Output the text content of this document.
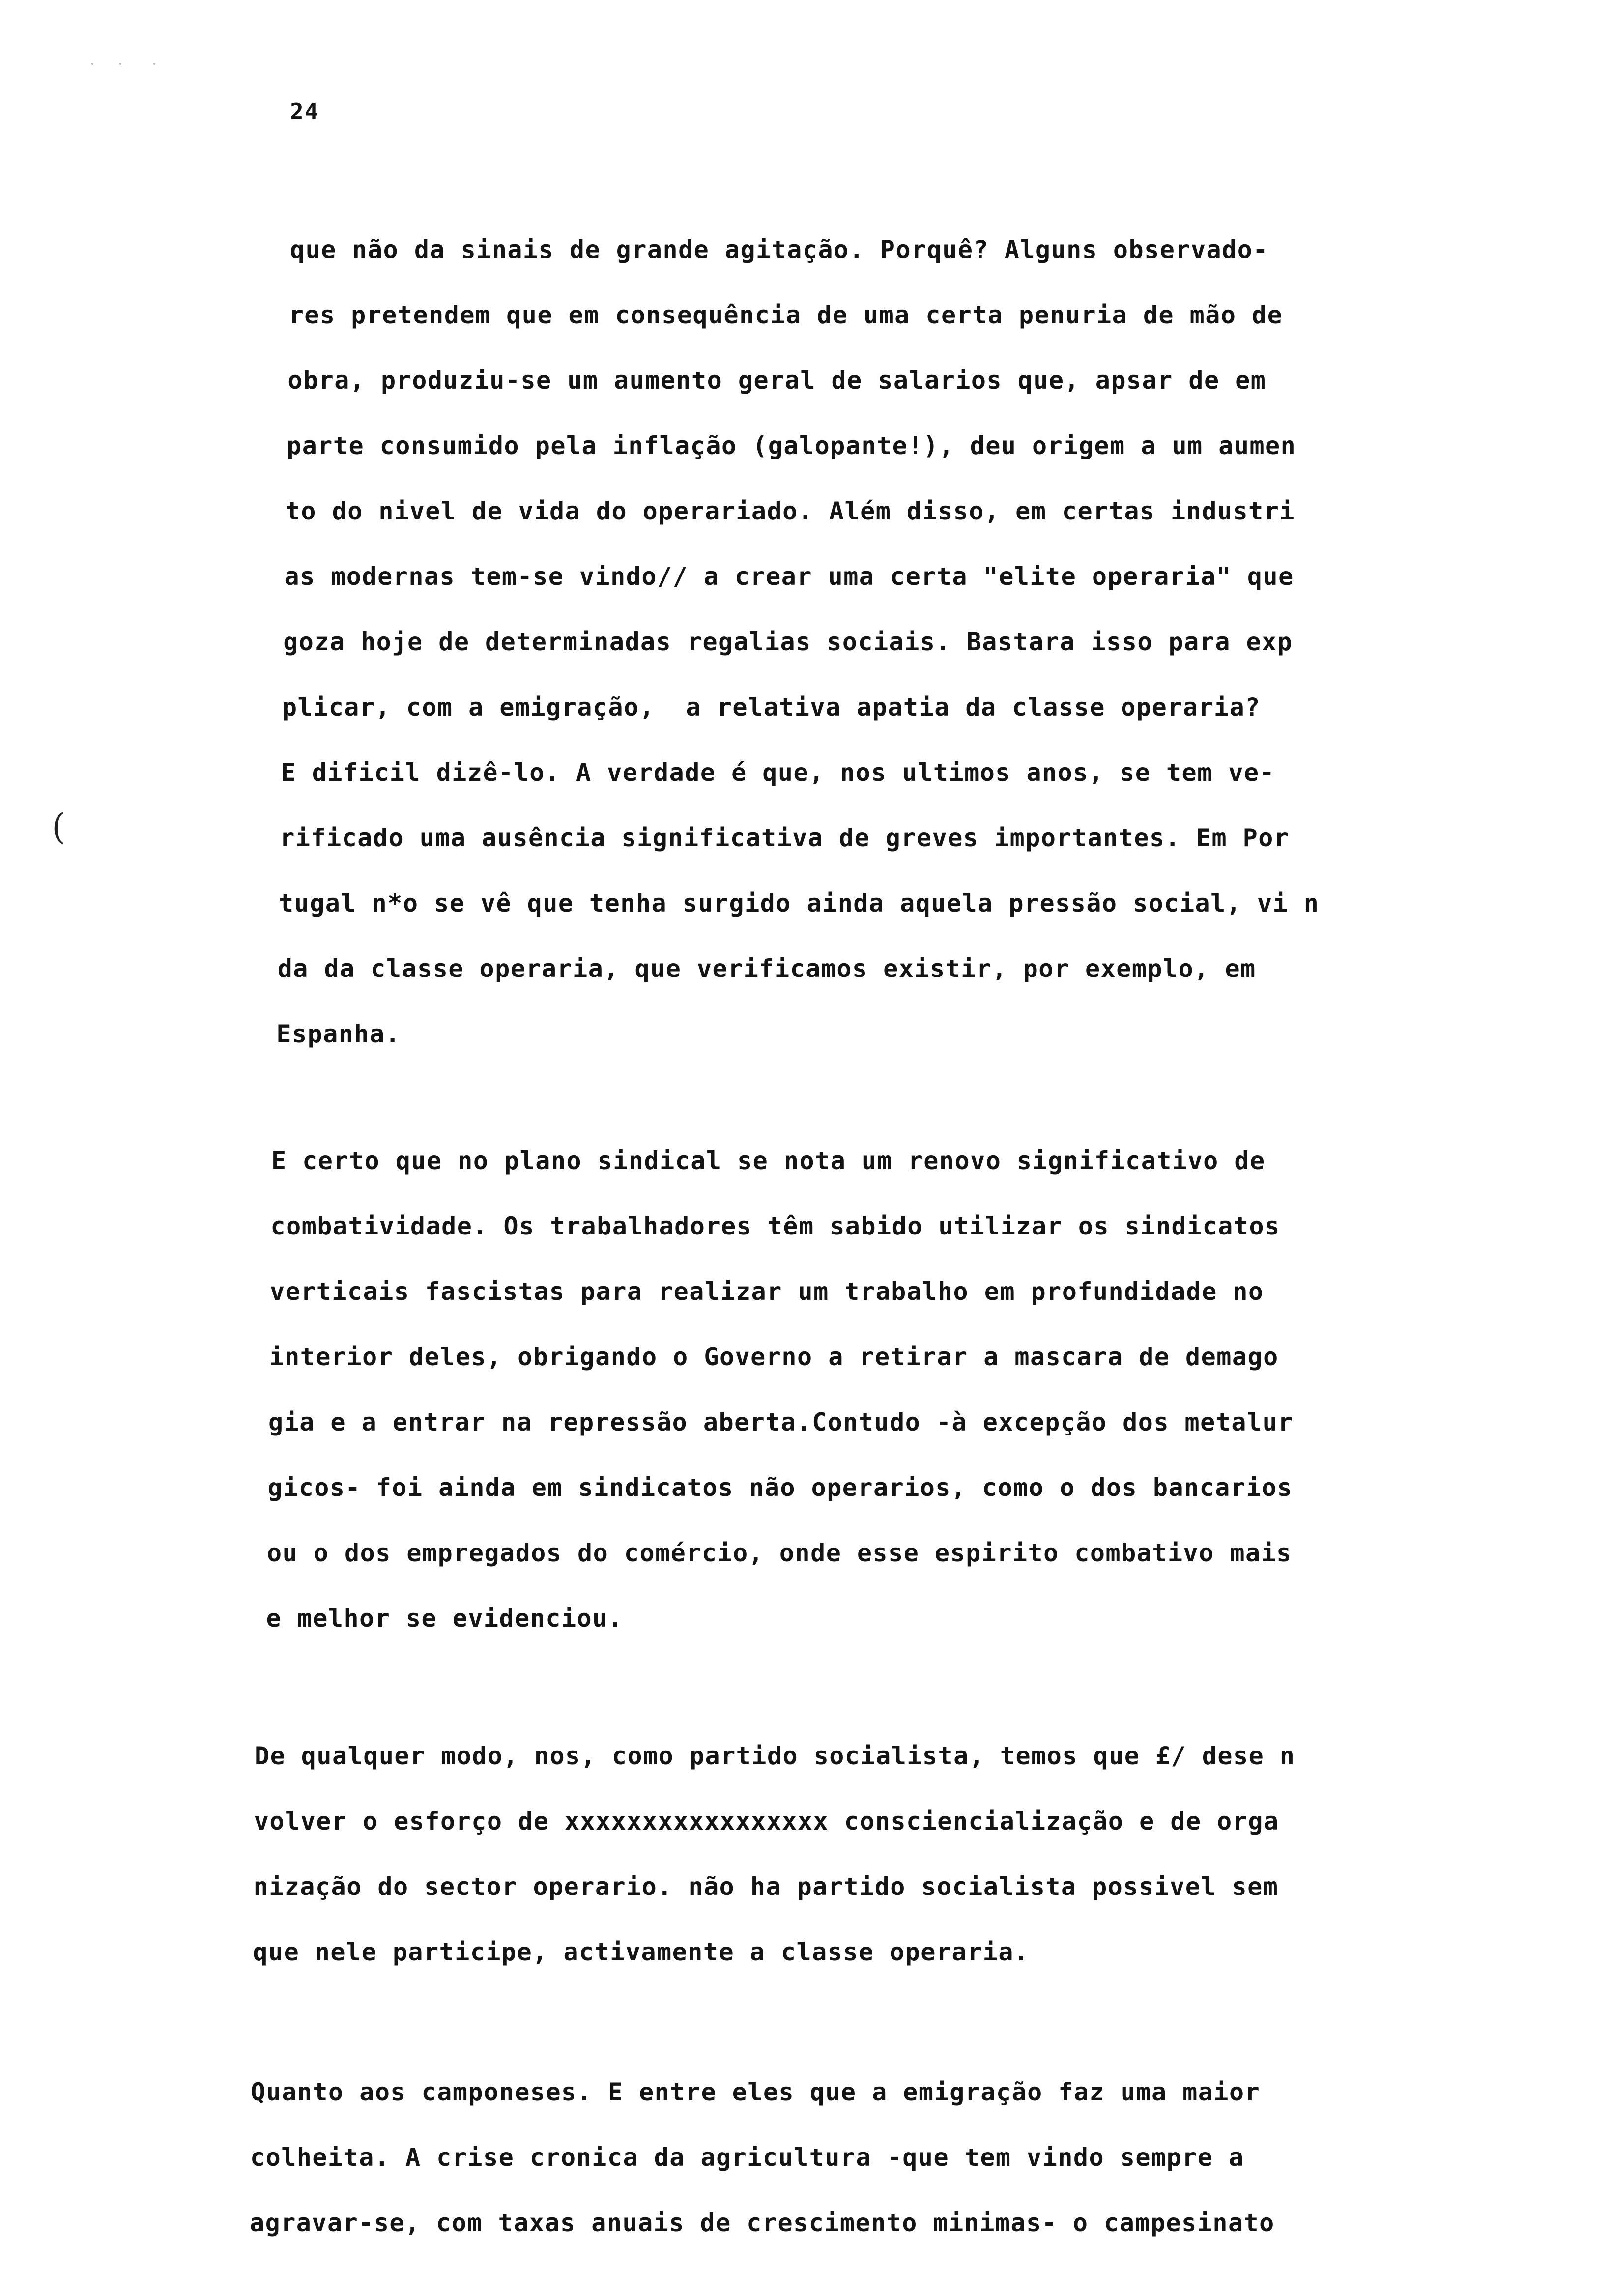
24
(
que não da sinais de grande agitação. Porquê? Alguns observado-
res pretendem que em consequência de uma certa penuria de mão de
obra, produziu-se um aumento geral de salarios que, apsar de em
parte consumido pela inflação (galopante!), deu origem a um aumen
to do nivel de vida do operariado. Além disso, em certas industri
as modernas tem-se vindo// a crear uma certa "elite operaria" que
goza hoje de determinadas regalias sociais. Bastara isso para exp
plicar, com a emigração,  a relativa apatia da classe operaria?
E dificil dizê-lo. A verdade é que, nos ultimos anos, se tem ve-
rificado uma ausência significativa de greves importantes. Em Por
tugal n*o se vê que tenha surgido ainda aquela pressão social, vi n
da da classe operaria, que verificamos existir, por exemplo, em
Espanha.
E certo que no plano sindical se nota um renovo significativo de
combatividade. Os trabalhadores têm sabido utilizar os sindicatos
verticais fascistas para realizar um trabalho em profundidade no
interior deles, obrigando o Governo a retirar a mascara de demago
gia e a entrar na repressão aberta.Contudo -à excepção dos metalur
gicos- foi ainda em sindicatos não operarios, como o dos bancarios
ou o dos empregados do comércio, onde esse espirito combativo mais
e melhor se evidenciou.
De qualquer modo, nos, como partido socialista, temos que £/ dese n
volver o esforço de xxxxxxxxxxxxxxxxx consciencialização e de orga
nização do sector operario. não ha partido socialista possivel sem
que nele participe, activamente a classe operaria.
Quanto aos camponeses. E entre eles que a emigração faz uma maior
colheita. A crise cronica da agricultura -que tem vindo sempre a
agravar-se, com taxas anuais de crescimento minimas- o campesinato
